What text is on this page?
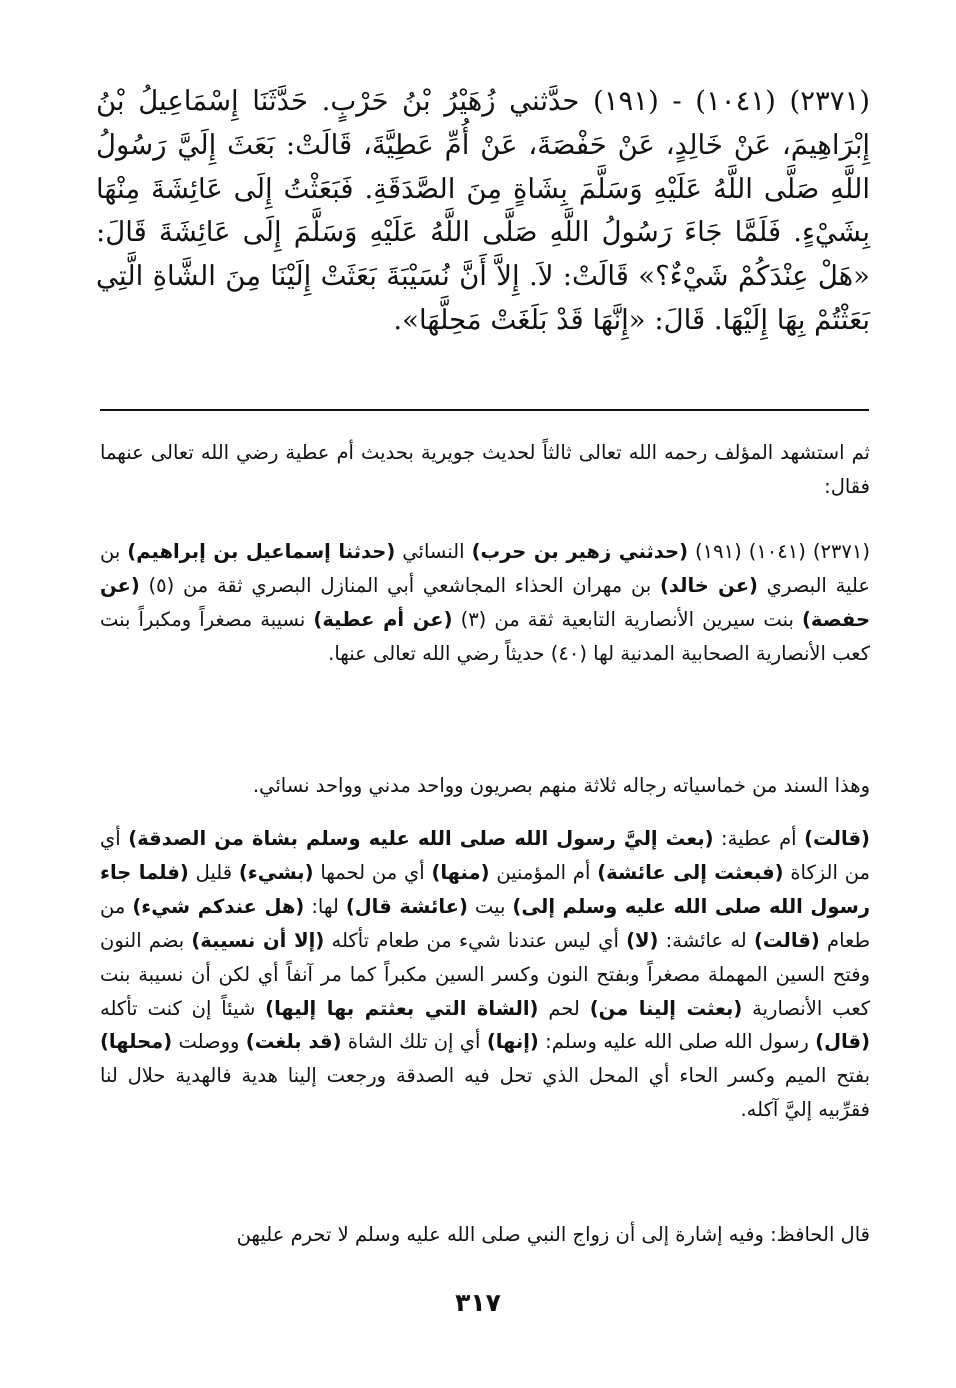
(٢٣٧١) (١٠٤١) - (١٩١) حدَّثني زُهَيْرُ بْنُ حَرْبٍ. حَدَّثَنَا إِسْمَاعِيلُ بْنُ إِبْرَاهِيمَ، عَنْ خَالِدٍ، عَنْ حَفْصَةَ، عَنْ أُمِّ عَطِيَّةَ، قَالَتْ: بَعَثَ إِلَيَّ رَسُولُ اللَّهِ صَلَّى اللَّهُ عَلَيْهِ وَسَلَّمَ بِشَاةٍ مِنَ الصَّدَقَةِ. فَبَعَثْتُ إِلَى عَائِشَةَ مِنْهَا بِشَيْءٍ. فَلَمَّا جَاءَ رَسُولُ اللَّهِ صَلَّى اللَّهُ عَلَيْهِ وَسَلَّمَ إِلَى عَائِشَةَ قَالَ: «هَلْ عِنْدَكُمْ شَيْءٌ؟» قَالَتْ: لاَ. إِلاَّ أَنَّ نُسَيْبَةَ بَعَثَتْ إِلَيْنَا مِنَ الشَّاةِ الَّتِي بَعَثْتُمْ بِهَا إِلَيْهَا. قَالَ: «إِنَّهَا قَدْ بَلَغَتْ مَحِلَّهَا».
ثم استشهد المؤلف رحمه الله تعالى ثالثاً لحديث جويرية بحديث أم عطية رضي الله تعالى عنهما فقال:
(٢٣٧١) (١٠٤١) (١٩١) (حدثني زهير بن حرب) النسائي (حدثنا إسماعيل بن إبراهيم) بن علية البصري (عن خالد) بن مهران الحذاء المجاشعي أبي المنازل البصري ثقة من (٥) (عن حفصة) بنت سيرين الأنصارية التابعية ثقة من (٣) (عن أم عطية) نسيبة مصغراً ومكبراً بنت كعب الأنصارية الصحابية المدنية لها (٤٠) حديثاً رضي الله تعالى عنها.
وهذا السند من خماسياته رجاله ثلاثة منهم بصريون وواحد مدني وواحد نسائي.
(قالت) أم عطية: (بعث إليَّ رسول الله صلى الله عليه وسلم بشاة من الصدقة) أي من الزكاة (فبعثت إلى عائشة) أم المؤمنين (منها) أي من لحمها (بشيء) قليل (فلما جاء رسول الله صلى الله عليه وسلم إلى) بيت (عائشة قال) لها: (هل عندكم شيء) من طعام (قالت) له عائشة: (لا) أي ليس عندنا شيء من طعام تأكله (إلا أن نسيبة) بضم النون وفتح السين المهملة مصغراً وبفتح النون وكسر السين مكبراً كما مر آنفاً أي لكن أن نسيبة بنت كعب الأنصارية (بعثت إلينا من) لحم (الشاة التي بعثتم بها إليها) شيئاً إن كنت تأكله (قال) رسول الله صلى الله عليه وسلم: (إنها) أي إن تلك الشاة (قد بلغت) ووصلت (محلها) بفتح الميم وكسر الحاء أي المحل الذي تحل فيه الصدقة ورجعت إلينا هدية فالهدية حلال لنا فقرِّبيه إليَّ آكله.
قال الحافظ: وفيه إشارة إلى أن زواج النبي صلى الله عليه وسلم لا تحرم عليهن
٣١٧
